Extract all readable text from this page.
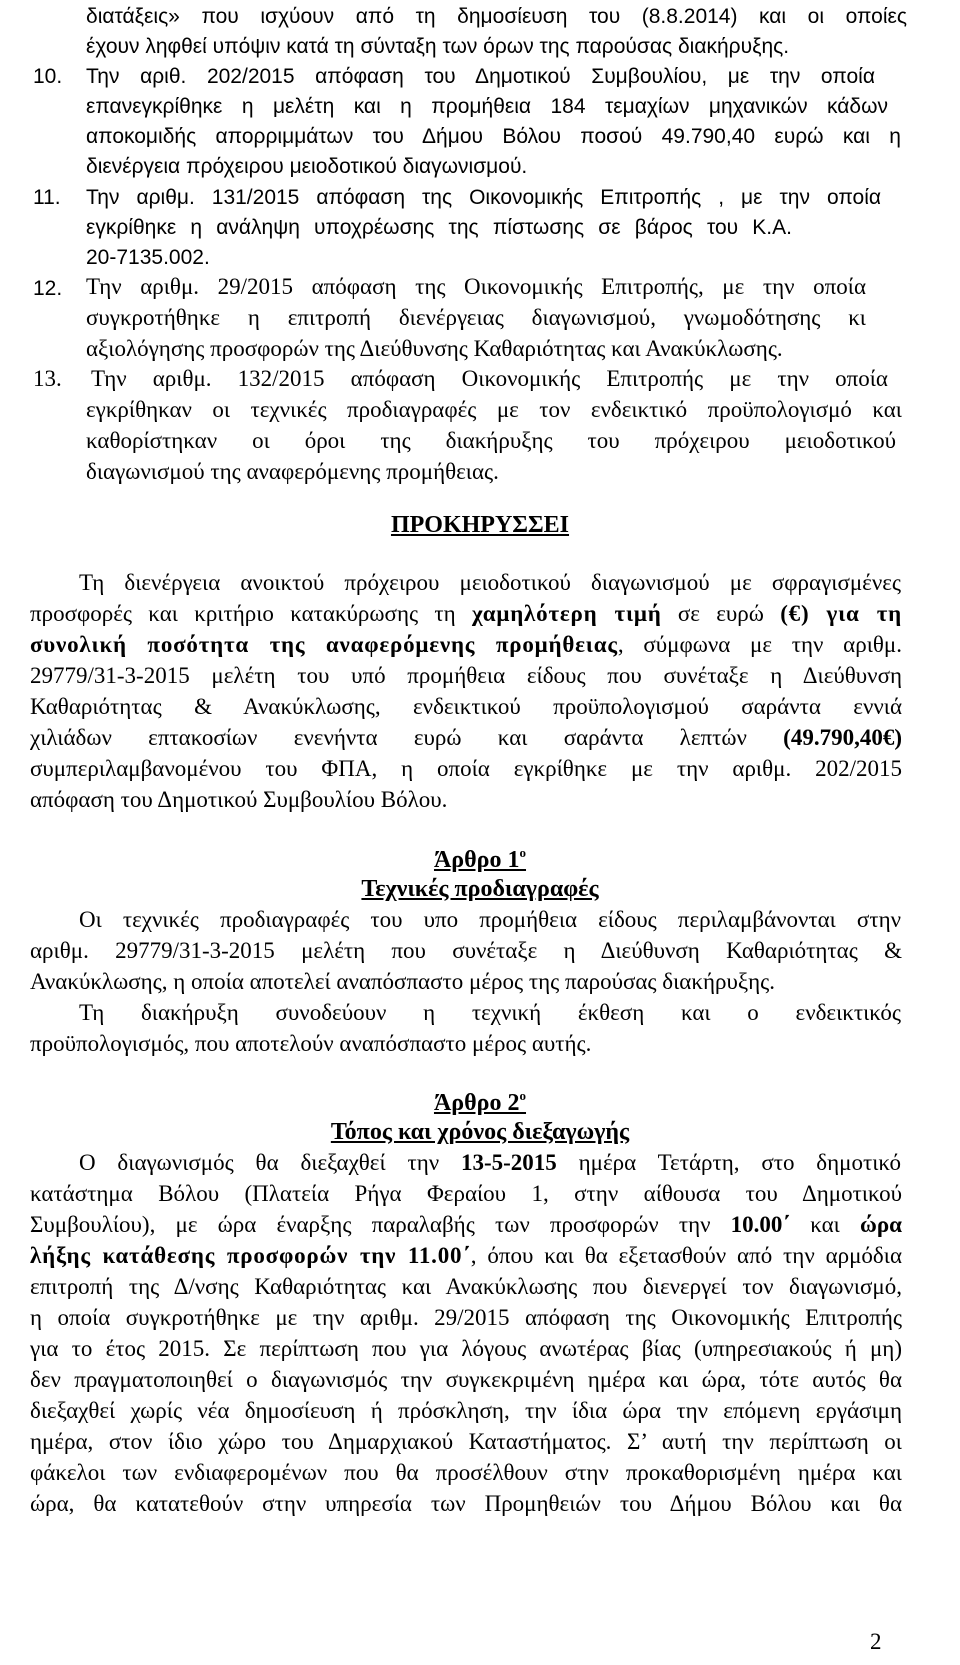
διατάξεις» που ισχύουν από τη δημοσίευση του (8.8.2014) και οι οποίες
έχουν ληφθεί υπόψιν κατά τη σύνταξη των όρων της παρούσας διακήρυξης.
10. Την αριθ. 202/2015 απόφαση του Δημοτικού Συμβουλίου, με την οποία
επανεγκρίθηκε η μελέτη και η προμήθεια 184 τεμαχίων μηχανικών κάδων
αποκομιδής απορριμμάτων του Δήμου Βόλου ποσού 49.790,40 ευρώ και η
διενέργεια πρόχειρου μειοδοτικού διαγωνισμού.
11. Την αριθμ. 131/2015 απόφαση της Οικονομικής Επιτροπής , με την οποία
εγκρίθηκε η ανάληψη υποχρέωσης της πίστωσης σε βάρος του Κ.Α.
20-7135.002.
12. Την αριθμ. 29/2015 απόφαση της Οικονομικής Επιτροπής, με την οποία
συγκροτήθηκε η επιτροπή διενέργειας διαγωνισμού, γνωμοδότησης κι
αξιολόγησης προσφορών της Διεύθυνσης Καθαριότητας και Ανακύκλωσης.
13. Την αριθμ. 132/2015 απόφαση Οικονομικής Επιτροπής με την οποία
εγκρίθηκαν οι τεχνικές προδιαγραφές με τον ενδεικτικό προϋπολογισμό και
καθορίστηκαν οι όροι της διακήρυξης του πρόχειρου μειοδοτικού
διαγωνισμού της αναφερόμενης προμήθειας.
ΠΡΟΚΗΡΥΣΣΕΙ
Τη διενέργεια ανοικτού πρόχειρου μειοδοτικού διαγωνισμού με σφραγισμένες
προσφορές και κριτήριο κατακύρωσης τη χαμηλότερη τιμή σε ευρώ (€) για τη
συνολική ποσότητα της αναφερόμενης προμήθειας, σύμφωνα με την αριθμ.
29779/31-3-2015 μελέτη του υπό προμήθεια είδους που συνέταξε η Διεύθυνση
Καθαριότητας & Ανακύκλωσης, ενδεικτικού προϋπολογισμού σαράντα εννιά
χιλιάδων επτακοσίων ενενήντα ευρώ και σαράντα λεπτών (49.790,40€)
συμπεριλαμβανομένου του ΦΠΑ, η οποία εγκρίθηκε με την αριθμ. 202/2015
απόφαση του Δημοτικού Συμβουλίου Βόλου.
Άρθρο $1^o$
Τεχνικές προδιαγραφές
Οι τεχνικές προδιαγραφές του υπο προμήθεια είδους περιλαμβάνονται στην
αριθμ. 29779/31-3-2015 μελέτη που συνέταξε η Διεύθυνση Καθαριότητας &
Ανακύκλωσης, η οποία αποτελεί αναπόσπαστο μέρος της παρούσας διακήρυξης.
Τη διακήρυξη συνοδεύουν η τεχνική έκθεση και ο ενδεικτικός
προϋπολογισμός, που αποτελούν αναπόσπαστο μέρος αυτής.
Άρθρο $2^o$
Τόπος και χρόνος διεξαγωγής
Ο διαγωνισμός θα διεξαχθεί την 13-5-2015 ημέρα Τετάρτη, στο δημοτικό
κατάστημα Βόλου (Πλατεία Ρήγα Φεραίου 1, στην αίθουσα του Δημοτικού
Συμβουλίου), με ώρα έναρξης παραλαβής των προσφορών την 10.00΄ και ώρα
λήξης κατάθεσης προσφορών την 11.00΄, όπου και θα εξετασθούν από την αρμόδια
επιτροπή της Δ/νσης Καθαριότητας και Ανακύκλωσης που διενεργεί τον διαγωνισμό,
η οποία συγκροτήθηκε με την αριθμ. 29/2015 απόφαση της Οικονομικής Επιτροπής
για το έτος 2015. Σε περίπτωση που για λόγους ανωτέρας βίας (υπηρεσιακούς ή μη)
δεν πραγματοποιηθεί ο διαγωνισμός την συγκεκριμένη ημέρα και ώρα, τότε αυτός θα
διεξαχθεί χωρίς νέα δημοσίευση ή πρόσκληση, την ίδια ώρα την επόμενη εργάσιμη
ημέρα, στον ίδιο χώρο του Δημαρχιακού Καταστήματος. Σ’ αυτή την περίπτωση οι
φάκελοι των ενδιαφερομένων που θα προσέλθουν στην προκαθορισμένη ημέρα και
ώρα, θα κατατεθούν στην υπηρεσία των Προμηθειών του Δήμου Βόλου και θα
2
